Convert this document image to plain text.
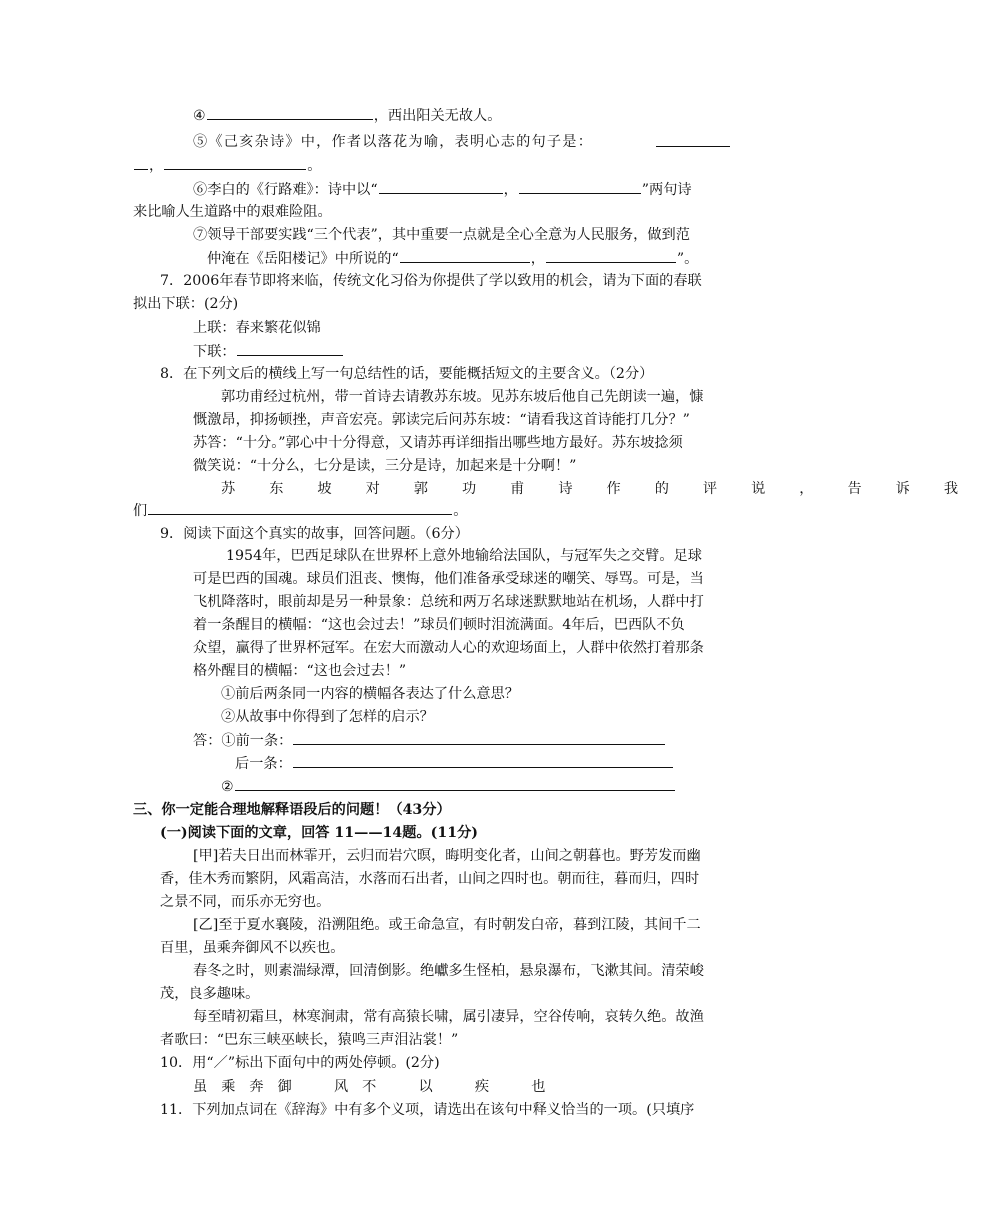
④	，西出阳关无故人。
⑤《己亥杂诗》中，作者以落花为喻，表明心志的句子是：
，	。
⑥李白的《行路难》：诗中以“	，	”两句诗
来比喻人生道路中的艰难险阻。
⑦领导干部要实践“三个代表”，其中重要一点就是全心全意为人民服务，做到范
仲淹在《岳阳楼记》中所说的“	，	”。
7．2006年春节即将来临，传统文化习俗为你提供了学以致用的机会，请为下面的春联
拟出下联：(2分)
上联：春来繁花似锦
下联：
8．在下列文后的横线上写一句总结性的话，要能概括短文的主要含义。（2分）
郭功甫经过杭州，带一首诗去请教苏东坡。见苏东坡后他自己先朗读一遍，慷
慨激昂，抑扬顿挫，声音宏亮。郭读完后问苏东坡：“请看我这首诗能打几分？”
苏答：“十分。”郭心中十分得意，又请苏再详细指出哪些地方最好。苏东坡捻须
微笑说：“十分么，七分是读，三分是诗，加起来是十分啊！”
苏东坡对郭功甫诗作的评说，告诉我
们	。
9．阅读下面这个真实的故事，回答问题。（6分）
1954年，巴西足球队在世界杯上意外地输给法国队，与冠军失之交臂。足球
可是巴西的国魂。球员们沮丧、懊悔，他们准备承受球迷的嘲笑、辱骂。可是，当
飞机降落时，眼前却是另一种景象：总统和两万名球迷默默地站在机场，人群中打
着一条醒目的横幅：“这也会过去！”球员们顿时泪流满面。4年后，巴西队不负
众望，赢得了世界杯冠军。在宏大而激动人心的欢迎场面上，人群中依然打着那条
格外醒目的横幅：“这也会过去！”
①前后两条同一内容的横幅各表达了什么意思？
②从故事中你得到了怎样的启示？
答：①前一条：
后一条：
②
三、你一定能合理地解释语段后的问题！（43分）
(一)阅读下面的文章，回答 11——14题。(11分)
[甲]若夫日出而林霏开，云归而岩穴暝，晦明变化者，山间之朝暮也。野芳发而幽
香，佳木秀而繁阴，风霜高洁，水落而石出者，山间之四时也。朝而往，暮而归，四时
之景不同，而乐亦无穷也。
[乙]至于夏水襄陵，沿溯阻绝。或王命急宣，有时朝发白帝，暮到江陵，其间千二
百里，虽乘奔御风不以疾也。
春冬之时，则素湍绿潭，回清倒影。绝巘多生怪柏，悬泉瀑布，飞漱其间。清荣峻
茂，良多趣味。
每至晴初霜旦，林寒涧肃，常有高猿长啸，属引凄异，空谷传响，哀转久绝。故渔
者歌曰：“巴东三峡巫峡长，猿鸣三声泪沾裳！”
10．用“／”标出下面句中的两处停顿。(2分)
虽乘奔御　风不　以　疾　也
11．下列加点词在《辞海》中有多个义项，请选出在该句中释义恰当的一项。(只填序
